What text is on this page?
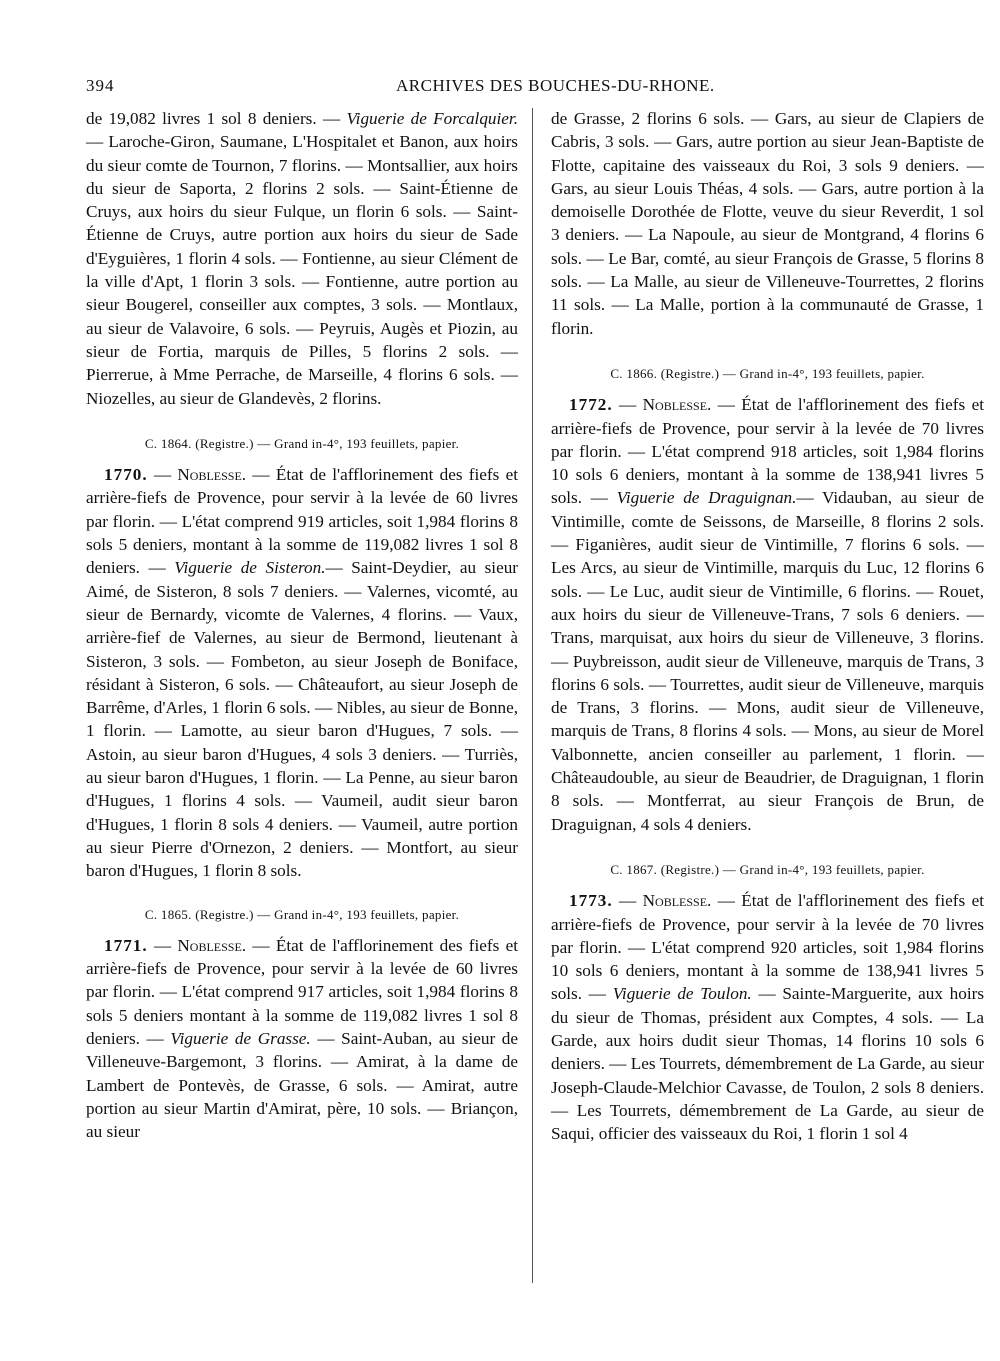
394	ARCHIVES DES BOUCHES-DU-RHONE.

de 19,082 livres 1 sol 8 deniers. — Viguerie de Forcalquier. — Laroche-Giron, Saumane, L'Hospitalet et Banon, aux hoirs du sieur comte de Tournon, 7 florins. — Montsallier, aux hoirs du sieur de Saporta, 2 florins 2 sols. — Saint-Étienne de Cruys, aux hoirs du sieur Fulque, un florin 6 sols. — Saint-Étienne de Cruys, autre portion aux hoirs du sieur de Sade d'Eyguières, 1 florin 4 sols. — Fontienne, au sieur Clément de la ville d'Apt, 1 florin 3 sols. — Fontienne, autre portion au sieur Bougerel, conseiller aux comptes, 3 sols. — Montlaux, au sieur de Valavoire, 6 sols. — Peyruis, Augès et Piozin, au sieur de Fortia, marquis de Pilles, 5 florins 2 sols. — Pierrerue, à Mme Perrache, de Marseille, 4 florins 6 sols. — Niozelles, au sieur de Glandevès, 2 florins.

C. 1864. (Registre.) — Grand in-4°, 193 feuillets, papier.

1770. — Noblesse. — État de l'afflorinement des fiefs et arrière-fiefs de Provence, pour servir à la levée de 60 livres par florin. — L'état comprend 919 articles, soit 1,984 florins 8 sols 5 deniers, montant à la somme de 119,082 livres 1 sol 8 deniers. — Viguerie de Sisteron.— Saint-Deydier, au sieur Aimé, de Sisteron, 8 sols 7 deniers. — Valernes, vicomté, au sieur de Bernardy, vicomte de Valernes, 4 florins. — Vaux, arrière-fief de Valernes, au sieur de Bermond, lieutenant à Sisteron, 3 sols. — Fombeton, au sieur Joseph de Boniface, résidant à Sisteron, 6 sols. — Châteaufort, au sieur Joseph de Barrême, d'Arles, 1 florin 6 sols. — Nibles, au sieur de Bonne, 1 florin. — Lamotte, au sieur baron d'Hugues, 7 sols. — Astoin, au sieur baron d'Hugues, 4 sols 3 deniers. — Turriès, au sieur baron d'Hugues, 1 florin. — La Penne, au sieur baron d'Hugues, 1 florins 4 sols. — Vaumeil, audit sieur baron d'Hugues, 1 florin 8 sols 4 deniers. — Vaumeil, autre portion au sieur Pierre d'Ornezon, 2 deniers. — Montfort, au sieur baron d'Hugues, 1 florin 8 sols.

C. 1865. (Registre.) — Grand in-4°, 193 feuillets, papier.

1771. — Noblesse. — État de l'afflorinement des fiefs et arrière-fiefs de Provence, pour servir à la levée de 60 livres par florin. — L'état comprend 917 articles, soit 1,984 florins 8 sols 5 deniers montant à la somme de 119,082 livres 1 sol 8 deniers. — Viguerie de Grasse. — Saint-Auban, au sieur de Villeneuve-Bargemont, 3 florins. — Amirat, à la dame de Lambert de Pontevès, de Grasse, 6 sols. — Amirat, autre portion au sieur Martin d'Amirat, père, 10 sols. — Briançon, au sieur

de Grasse, 2 florins 6 sols. — Gars, au sieur de Clapiers de Cabris, 3 sols. — Gars, autre portion au sieur Jean-Baptiste de Flotte, capitaine des vaisseaux du Roi, 3 sols 9 deniers. — Gars, au sieur Louis Théas, 4 sols. — Gars, autre portion à la demoiselle Dorothée de Flotte, veuve du sieur Reverdit, 1 sol 3 deniers. — La Napoule, au sieur de Montgrand, 4 florins 6 sols. — Le Bar, comté, au sieur François de Grasse, 5 florins 8 sols. — La Malle, au sieur de Villeneuve-Tourrettes, 2 florins 11 sols. — La Malle, portion à la communauté de Grasse, 1 florin.

C. 1866. (Registre.) — Grand in-4°, 193 feuillets, papier.

1772. — Noblesse. — État de l'afflorinement des fiefs et arrière-fiefs de Provence, pour servir à la levée de 70 livres par florin. — L'état comprend 918 articles, soit 1,984 florins 10 sols 6 deniers, montant à la somme de 138,941 livres 5 sols. — Viguerie de Draguignan.— Vidauban, au sieur de Vintimille, comte de Seissons, de Marseille, 8 florins 2 sols. — Figanières, audit sieur de Vintimille, 7 florins 6 sols. — Les Arcs, au sieur de Vintimille, marquis du Luc, 12 florins 6 sols. — Le Luc, audit sieur de Vintimille, 6 florins. — Rouet, aux hoirs du sieur de Villeneuve-Trans, 7 sols 6 deniers. — Trans, marquisat, aux hoirs du sieur de Villeneuve, 3 florins. — Puybreisson, audit sieur de Villeneuve, marquis de Trans, 3 florins 6 sols. — Tourrettes, audit sieur de Villeneuve, marquis de Trans, 3 florins. — Mons, audit sieur de Villeneuve, marquis de Trans, 8 florins 4 sols. — Mons, au sieur de Morel Valbonnette, ancien conseiller au parlement, 1 florin. — Châteaudouble, au sieur de Beaudrier, de Draguignan, 1 florin 8 sols. — Montferrat, au sieur François de Brun, de Draguignan, 4 sols 4 deniers.

C. 1867. (Registre.) — Grand in-4°, 193 feuillets, papier.

1773. — Noblesse. — État de l'afflorinement des fiefs et arrière-fiefs de Provence, pour servir à la levée de 70 livres par florin. — L'état comprend 920 articles, soit 1,984 florins 10 sols 6 deniers, montant à la somme de 138,941 livres 5 sols. — Viguerie de Toulon. — Sainte-Marguerite, aux hoirs du sieur de Thomas, président aux Comptes, 4 sols. — La Garde, aux hoirs dudit sieur Thomas, 14 florins 10 sols 6 deniers. — Les Tourrets, démembrement de La Garde, au sieur Joseph-Claude-Melchior Cavasse, de Toulon, 2 sols 8 deniers. — Les Tourrets, démembrement de La Garde, au sieur de Saqui, officier des vaisseaux du Roi, 1 florin 1 sol 4
